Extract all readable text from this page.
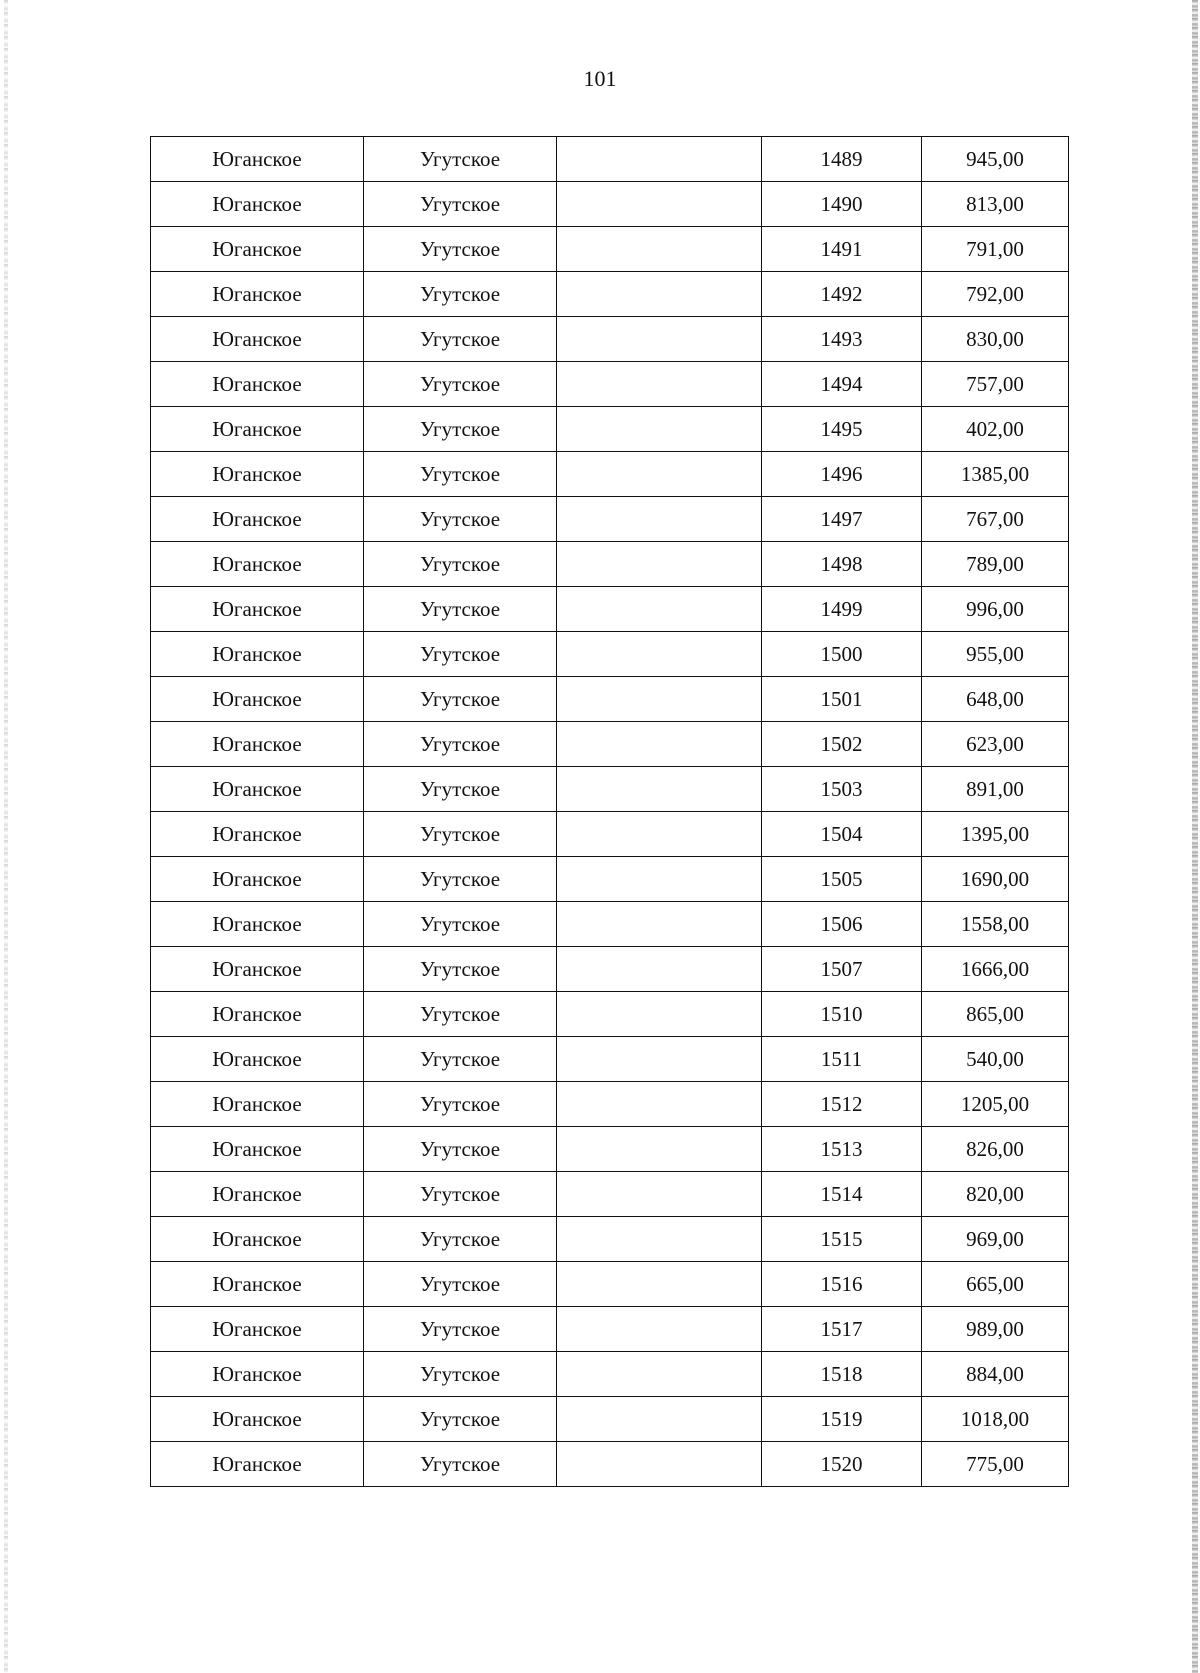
101
Юганское	Угутское		1489	945,00
Юганское	Угутское		1490	813,00
Юганское	Угутское		1491	791,00
Юганское	Угутское		1492	792,00
Юганское	Угутское		1493	830,00
Юганское	Угутское		1494	757,00
Юганское	Угутское		1495	402,00
Юганское	Угутское		1496	1385,00
Юганское	Угутское		1497	767,00
Юганское	Угутское		1498	789,00
Юганское	Угутское		1499	996,00
Юганское	Угутское		1500	955,00
Юганское	Угутское		1501	648,00
Юганское	Угутское		1502	623,00
Юганское	Угутское		1503	891,00
Юганское	Угутское		1504	1395,00
Юганское	Угутское		1505	1690,00
Юганское	Угутское		1506	1558,00
Юганское	Угутское		1507	1666,00
Юганское	Угутское		1510	865,00
Юганское	Угутское		1511	540,00
Юганское	Угутское		1512	1205,00
Юганское	Угутское		1513	826,00
Юганское	Угутское		1514	820,00
Юганское	Угутское		1515	969,00
Юганское	Угутское		1516	665,00
Юганское	Угутское		1517	989,00
Юганское	Угутское		1518	884,00
Юганское	Угутское		1519	1018,00
Юганское	Угутское		1520	775,00
